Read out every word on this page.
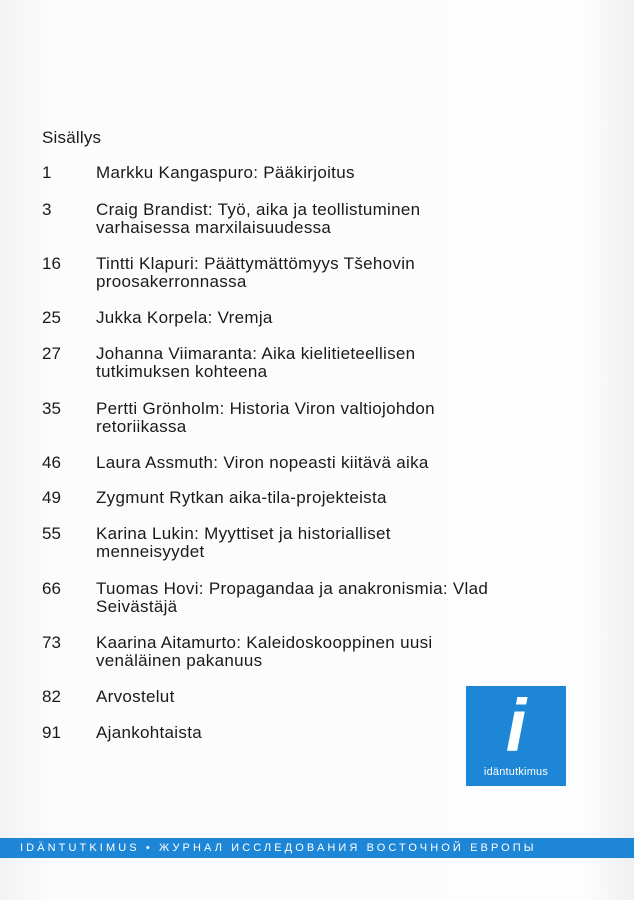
Sisällys
1	Markku Kangaspuro: Pääkirjoitus
3	Craig Brandist: Työ, aika ja teollistuminen
varhaisessa marxilaisuudessa
16	Tintti Klapuri: Päättymättömyys Tšehovin
proosakerronnassa
25	Jukka Korpela: Vremja
27	Johanna Viimaranta: Aika kielitieteellisen
tutkimuksen kohteena
35	Pertti Grönholm: Historia Viron valtiojohdon
retoriikassa
46	Laura Assmuth: Viron nopeasti kiitävä aika
49	Zygmunt Rytkan aika-tila-projekteista
55	Karina Lukin: Myyttiset ja historialliset
menneisyydet
66	Tuomas Hovi: Propagandaa ja anakronismia: Vlad
Seivästäjä
73	Kaarina Aitamurto: Kaleidoskooppinen uusi
venäläinen pakanuus
82	Arvostelut
91	Ajankohtaista	i
idäntutkimus
IDÄNTUTKIMUS • ЖУРНАЛ ИССЛЕДОВАНИЯ ВОСТОЧНОЙ ЕВРОПЫ
